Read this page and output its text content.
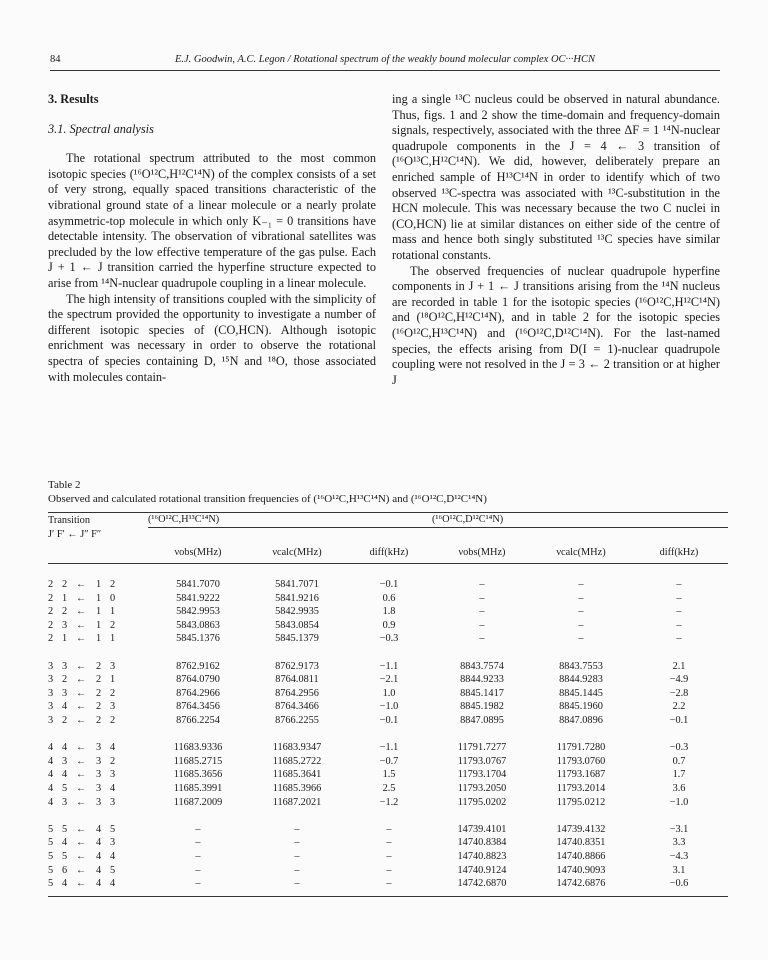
84	E.J. Goodwin, A.C. Legon / Rotational spectrum of the weakly bound molecular complex OC···HCN

3. Results

3.1. Spectral analysis

The rotational spectrum attributed to the most common isotopic species (¹⁶O¹²C,H¹²C¹⁴N) of the complex consists of a set of very strong, equally spaced transitions characteristic of the vibrational ground state of a linear molecule or a nearly prolate asymmetric-top molecule in which only K₋₁ = 0 transitions have detectable intensity. The observation of vibrational satellites was precluded by the low effective temperature of the gas pulse. Each J + 1 ← J transition carried the hyperfine structure expected to arise from ¹⁴N-nuclear quadrupole coupling in a linear molecule.

The high intensity of transitions coupled with the simplicity of the spectrum provided the opportunity to investigate a number of different isotopic species of (CO,HCN). Although isotopic enrichment was necessary in order to observe the rotational spectra of species containing D, ¹⁵N and ¹⁸O, those associated with molecules contain-

ing a single ¹³C nucleus could be observed in natural abundance. Thus, figs. 1 and 2 show the time-domain and frequency-domain signals, respectively, associated with the three ΔF = 1 ¹⁴N-nuclear quadrupole components in the J = 4 ← 3 transition of (¹⁶O¹³C,H¹²C¹⁴N). We did, however, deliberately prepare an enriched sample of H¹³C¹⁴N in order to identify which of two observed ¹³C-spectra was associated with ¹³C-substitution in the HCN molecule. This was necessary because the two C nuclei in (CO,HCN) lie at similar distances on either side of the centre of mass and hence both singly substituted ¹³C species have similar rotational constants.

The observed frequencies of nuclear quadrupole hyperfine components in J + 1 ← J transitions arising from the ¹⁴N nucleus are recorded in table 1 for the isotopic species (¹⁶O¹²C,H¹²C¹⁴N) and (¹⁸O¹²C,H¹²C¹⁴N), and in table 2 for the isotopic species (¹⁶O¹²C,H¹³C¹⁴N) and (¹⁶O¹²C,D¹²C¹⁴N). For the last-named species, the effects arising from D(I = 1)-nuclear quadrupole coupling were not resolved in the J = 3 ← 2 transition or at higher J

Table 2
Observed and calculated rotational transition frequencies of (¹⁶O¹²C,H¹³C¹⁴N) and (¹⁶O¹²C,D¹²C¹⁴N)
Transition					(¹⁶O¹²C,H¹³C¹⁴N)			(¹⁶O¹²C,D¹²C¹⁴N)		
J′ F′ ← J″ F″										
					νobs(MHz)	νcalc(MHz)	diff(kHz)	νobs(MHz)	νcalc(MHz)	diff(kHz)

2	2	←	1	2	5841.7070	5841.7071	−0.1	–	–	–
2	1	←	1	0	5841.9222	5841.9216	0.6	–	–	–
2	2	←	1	1	5842.9953	5842.9935	1.8	–	–	–
2	3	←	1	2	5843.0863	5843.0854	0.9	–	–	–
2	1	←	1	1	5845.1376	5845.1379	−0.3	–	–	–

3	3	←	2	3	8762.9162	8762.9173	−1.1	8843.7574	8843.7553	2.1
3	2	←	2	1	8764.0790	8764.0811	−2.1	8844.9233	8844.9283	−4.9
3	3	←	2	2	8764.2966	8764.2956	1.0	8845.1417	8845.1445	−2.8
3	4	←	2	3	8764.3456	8764.3466	−1.0	8845.1982	8845.1960	2.2
3	2	←	2	2	8766.2254	8766.2255	−0.1	8847.0895	8847.0896	−0.1

4	4	←	3	4	11683.9336	11683.9347	−1.1	11791.7277	11791.7280	−0.3
4	3	←	3	2	11685.2715	11685.2722	−0.7	11793.0767	11793.0760	0.7
4	4	←	3	3	11685.3656	11685.3641	1.5	11793.1704	11793.1687	1.7
4	5	←	3	4	11685.3991	11685.3966	2.5	11793.2050	11793.2014	3.6
4	3	←	3	3	11687.2009	11687.2021	−1.2	11795.0202	11795.0212	−1.0

5	5	←	4	5	–	–	–	14739.4101	14739.4132	−3.1
5	4	←	4	3	–	–	–	14740.8384	14740.8351	3.3
5	5	←	4	4	–	–	–	14740.8823	14740.8866	−4.3
5	6	←	4	5	–	–	–	14740.9124	14740.9093	3.1
5	4	←	4	4	–	–	–	14742.6870	14742.6876	−0.6
